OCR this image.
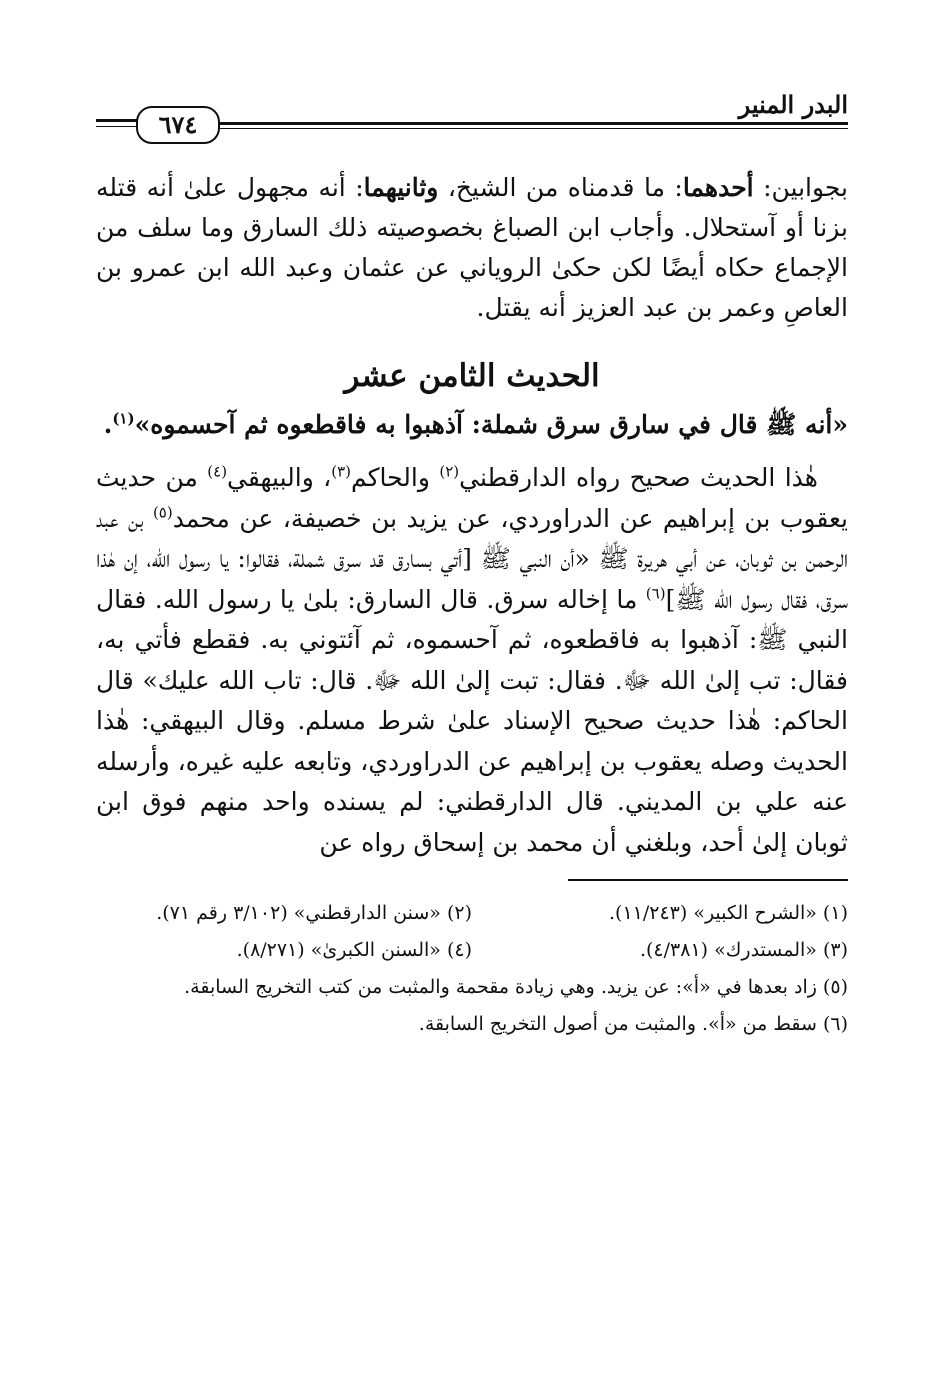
البدر المنير
٦٧٤

بجوابين: أحدهما: ما قدمناه من الشيخ، وثانيهما: أنه مجهول علىٰ أنه قتله بزنا أو آستحلال. وأجاب ابن الصباغ بخصوصيته ذلك السارق وما سلف من الإجماع حكاه أيضًا لكن حكىٰ الروياني عن عثمان وعبد الله ابن عمرو بن العاصِ وعمر بن عبد العزيز أنه يقتل.

الحديث الثامن عشر

«أنه ﷺ قال في سارق سرق شملة: آذهبوا به فاقطعوه ثم آحسموه»$^{(١)}$.

هٰذا الحديث صحيح رواه الدارقطني$^{(٢)}$ والحاكم$^{(٣)}$، والبيهقي$^{(٤)}$ من حديث يعقوب بن إبراهيم عن الدراوردي، عن يزيد بن خصيفة، عن محمد$^{(٥)}$ بن عبد الرحمن بن ثوبان، عن أبي هريرة ﷺ «أن النبي ﷺ [أتي بسارق قد سرق شملة، فقالوا: يا رسول الله، إن هٰذا سرق، فقال رسول الله ﷺ]$^{(٦)}$ ما إخاله سرق. قال السارق: بلىٰ يا رسول الله. فقال النبي ﷺ: آذهبوا به فاقطعوه، ثم آحسموه، ثم آئتوني به. فقطع فأتي به، فقال: تب إلىٰ الله ﷻ. فقال: تبت إلىٰ الله ﷻ. قال: تاب الله عليك» قال الحاكم: هٰذا حديث صحيح الإسناد علىٰ شرط مسلم. وقال البيهقي: هٰذا الحديث وصله يعقوب بن إبراهيم عن الدراوردي، وتابعه عليه غيره، وأرسله عنه علي بن المديني. قال الدارقطني: لم يسنده واحد منهم فوق ابن ثوبان إلىٰ أحد، وبلغني أن محمد بن إسحاق رواه عن

(١) «الشرح الكبير» (١١/٢٤٣).
(٢) «سنن الدارقطني» (٣/١٠٢ رقم ٧١).
(٣) «المستدرك» (٤/٣٨١).
(٤) «السنن الكبرىٰ» (٨/٢٧١).
(٥) زاد بعدها في «أ»: عن يزيد. وهي زيادة مقحمة والمثبت من كتب التخريج السابقة.
(٦) سقط من «أ». والمثبت من أصول التخريج السابقة.
